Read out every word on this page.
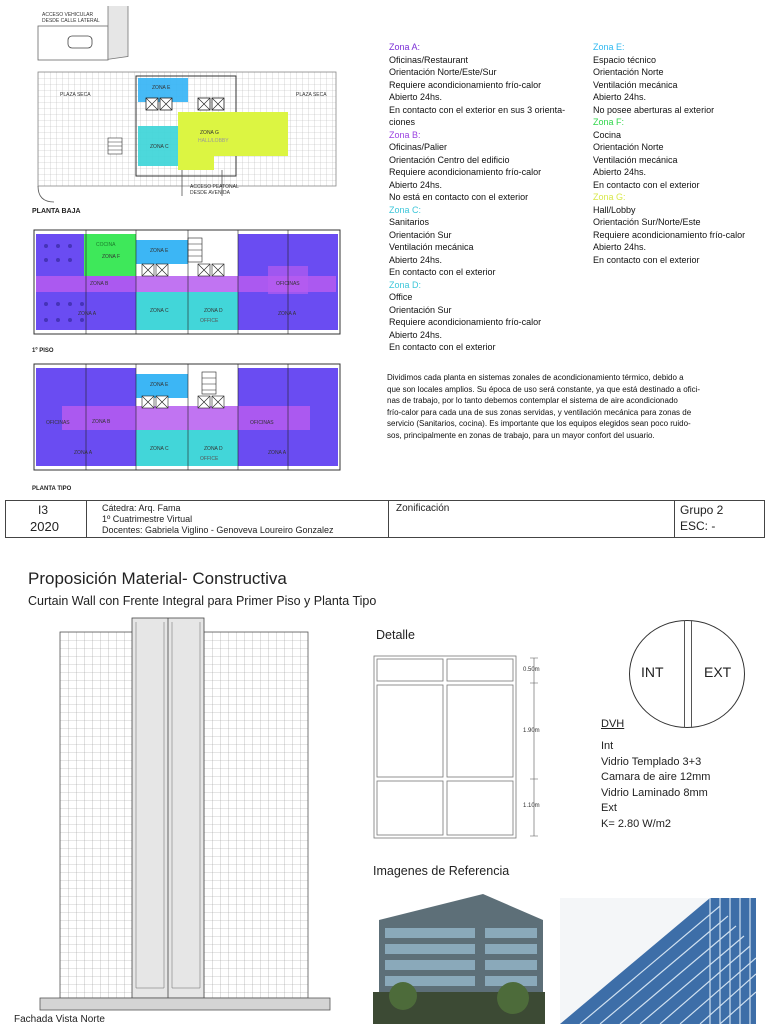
ACCESO VEHICULAR
DESDE CALLE LATERAL
PLAZA SECA	PLAZA SECA
ZONA E
ZONA C
ZONA G
HALL/LOBBY
ACCESO PEATONAL
DESDE AVENIDA
PLANTA BAJA
ZONA F
COCINA
ZONA E
ZONA B
ZONA A	ZONA C	ZONA D
OFFICE
OFICINAS
ZONA A
1º PISO
ZONA E
OFICINAS	ZONA B	OFICINAS
ZONA A
ZONA C	ZONA D
OFFICE
ZONA A
PLANTA TIPO
Zona A:
Oficinas/Restaurant
Orientación Norte/Este/Sur
Requiere acondicionamiento frío-calor
Abierto 24hs.
En contacto con el exterior en sus 3 orienta-
ciones
Zona B:
Oficinas/Palier
Orientación Centro del edificio
Requiere acondicionamiento frío-calor
Abierto 24hs.
No está en contacto con el exterior
Zona C:
Sanitarios
Orientación Sur
Ventilación mecánica
Abierto 24hs.
En contacto con el exterior
Zona D:
Office
Orientación Sur
Requiere acondicionamiento frío-calor
Abierto 24hs.
En contacto con el exterior
Zona E:
Espacio técnico
Orientación Norte
Ventilación mecánica
Abierto 24hs.
No posee aberturas al exterior
Zona F:
Cocina
Orientación Norte
Ventilación mecánica
Abierto 24hs.
En contacto con el exterior
Zona G:
Hall/Lobby
Orientación Sur/Norte/Este
Requiere acondicionamiento frío-calor
Abierto 24hs.
En contacto con el exterior
Dividimos cada planta en sistemas zonales de acondicionamiento térmico, debido a
que son locales amplios. Su época de uso será constante, ya que está destinado a ofici-
nas de trabajo, por lo tanto debemos contemplar el sistema de aire acondicionado
frío-calor para cada una de sus zonas servidas, y ventilación mecánica para zonas de
servicio (Sanitarios, cocina). Es importante que los equipos elegidos sean poco ruido-
sos, principalmente en zonas de trabajo, para un mayor confort del usuario.
I3
2020
Cátedra: Arq. Fama
1º Cuatrimestre Virtual
Docentes: Gabriela Viglino - Genoveva Loureiro Gonzalez
Zonificación	Grupo 2
ESC: -
Proposición Material- Constructiva
Curtain Wall con Frente Integral para Primer Piso y Planta Tipo
Fachada Vista Norte
Detalle
0.50m
1.90m
1.10m
INT	EXT
DVH
Int
Vidrio Templado 3+3
Camara de aire 12mm
Vidrio Laminado 8mm
Ext
K= 2.80 W/m2
Imagenes de Referencia
